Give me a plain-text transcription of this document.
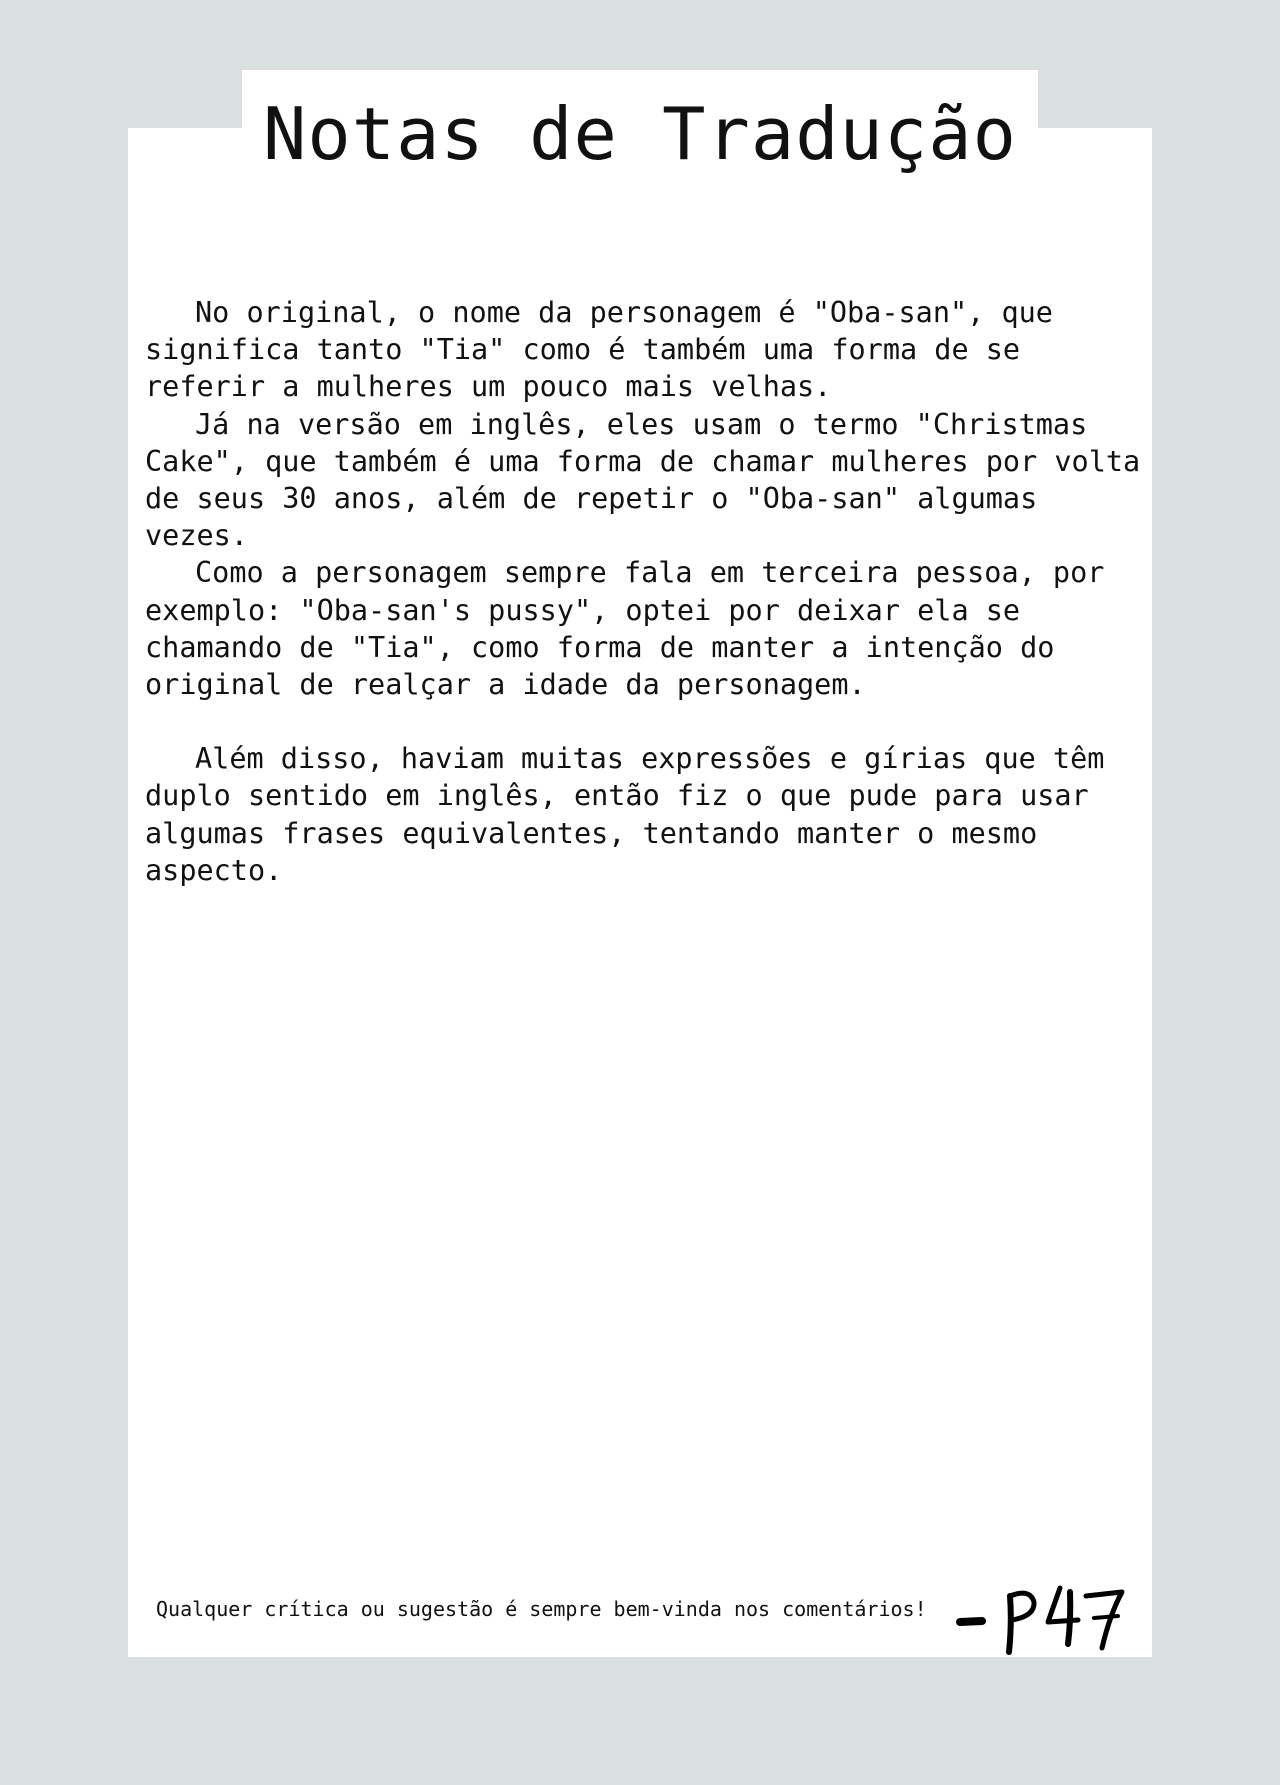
Notas de Tradução

No original, o nome da personagem é "Oba-san", que significa tanto "Tia" como é também uma forma de se referir a mulheres um pouco mais velhas.

Já na versão em inglês, eles usam o termo "Christmas Cake", que também é uma forma de chamar mulheres por volta de seus 30 anos, além de repetir o "Oba-san" algumas vezes.

Como a personagem sempre fala em terceira pessoa, por exemplo: "Oba-san's pussy", optei por deixar ela se chamando de "Tia", como forma de manter a intenção do original de realçar a idade da personagem.

Além disso, haviam muitas expressões e gírias que têm duplo sentido em inglês, então fiz o que pude para usar algumas frases equivalentes, tentando manter o mesmo aspecto.

Qualquer crítica ou sugestão é sempre bem-vinda nos comentários!
